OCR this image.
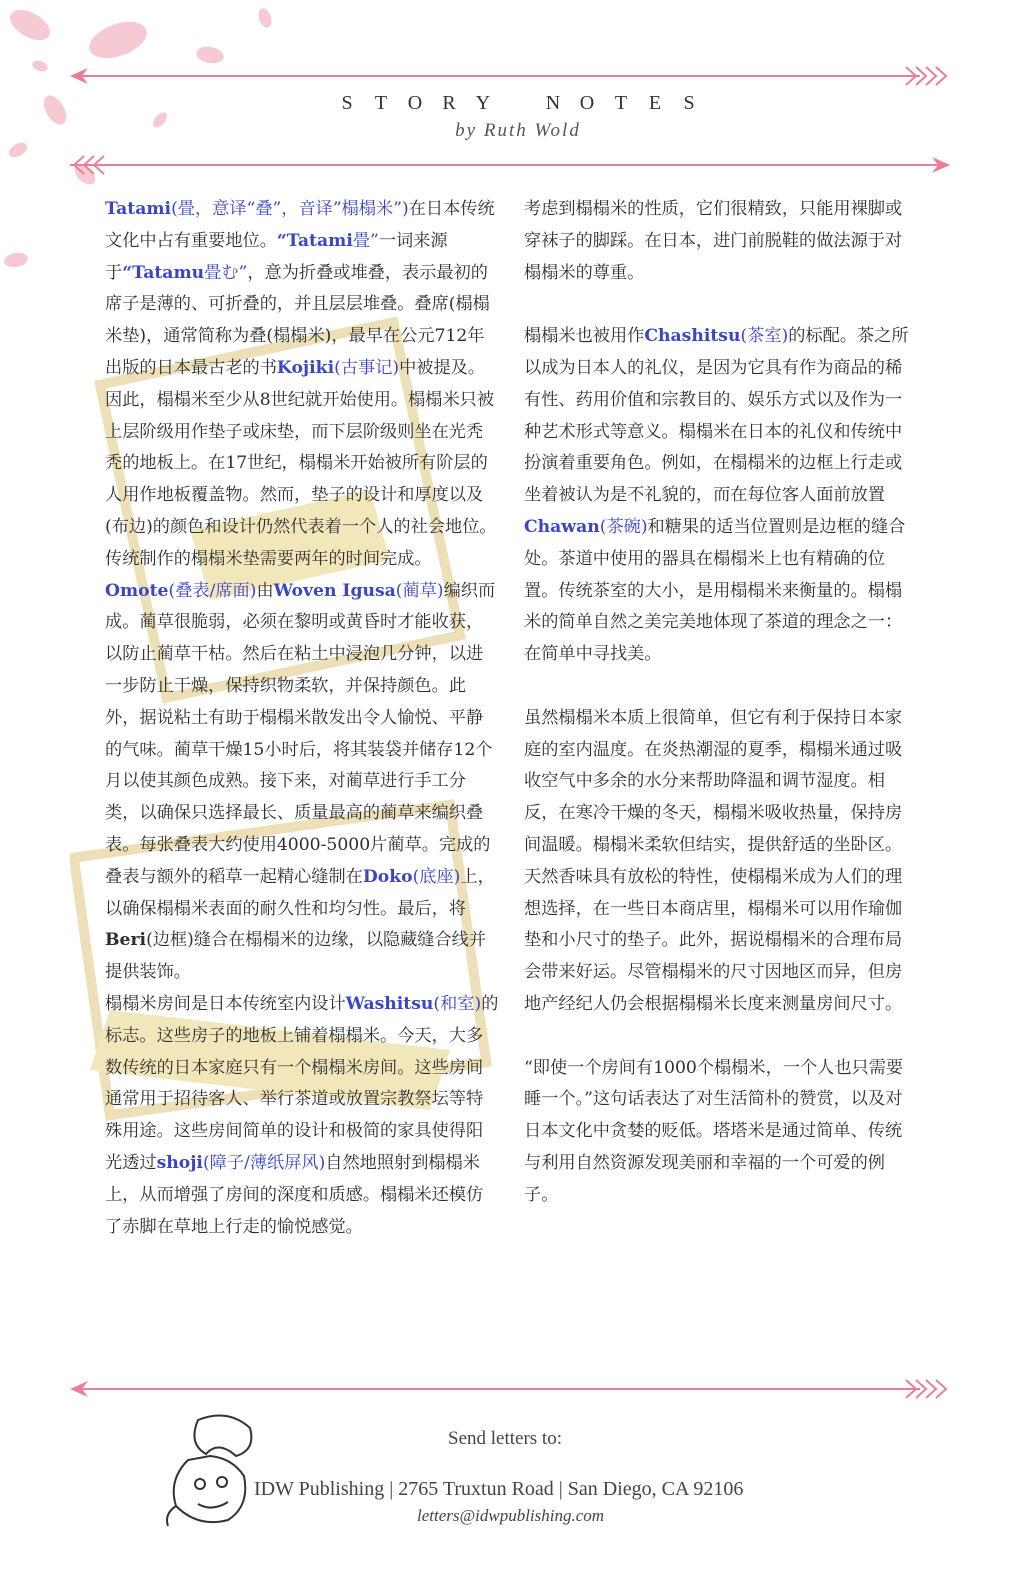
S T O R Y	N O T E S
by Ruth Wold

Tatami(畳，意译“叠”，音译”榻榻米”)在日本传统文化中占有重要地位。“Tatami畳”一词来源于“Tatamu畳む”，意为折叠或堆叠，表示最初的席子是薄的、可折叠的，并且层层堆叠。叠席(榻榻米垫)，通常简称为叠(榻榻米)，最早在公元712年出版的日本最古老的书Kojiki(古事记)中被提及。因此，榻榻米至少从8世纪就开始使用。榻榻米只被上层阶级用作垫子或床垫，而下层阶级则坐在光秃秃的地板上。在17世纪，榻榻米开始被所有阶层的人用作地板覆盖物。然而，垫子的设计和厚度以及(布边)的颜色和设计仍然代表着一个人的社会地位。

传统制作的榻榻米垫需要两年的时间完成。Omote(叠表/席面)由Woven Igusa(蔺草)编织而成。蔺草很脆弱，必须在黎明或黄昏时才能收获，以防止蔺草干枯。然后在粘土中浸泡几分钟，以进一步防止干燥，保持织物柔软，并保持颜色。此外，据说粘土有助于榻榻米散发出令人愉悦、平静的气味。蔺草干燥15小时后，将其装袋并储存12个月以使其颜色成熟。接下来，对蔺草进行手工分类，以确保只选择最长、质量最高的蔺草来编织叠表。每张叠表大约使用4000-5000片蔺草。完成的叠表与额外的稻草一起精心缝制在Doko(底座)上，以确保榻榻米表面的耐久性和均匀性。最后，将Beri(边框)缝合在榻榻米的边缘，以隐藏缝合线并提供装饰。

榻榻米房间是日本传统室内设计Washitsu(和室)的标志。这些房子的地板上铺着榻榻米。今天，大多数传统的日本家庭只有一个榻榻米房间。这些房间通常用于招待客人、举行茶道或放置宗教祭坛等特殊用途。这些房间简单的设计和极简的家具使得阳光透过shoji(障子/薄纸屏风)自然地照射到榻榻米上，从而增强了房间的深度和质感。榻榻米还模仿了赤脚在草地上行走的愉悦感觉。

考虑到榻榻米的性质，它们很精致，只能用裸脚或穿袜子的脚踩。在日本，进门前脱鞋的做法源于对榻榻米的尊重。

榻榻米也被用作Chashitsu(茶室)的标配。茶之所以成为日本人的礼仪，是因为它具有作为商品的稀有性、药用价值和宗教目的、娱乐方式以及作为一种艺术形式等意义。榻榻米在日本的礼仪和传统中扮演着重要角色。例如，在榻榻米的边框上行走或坐着被认为是不礼貌的，而在每位客人面前放置Chawan(茶碗)和糖果的适当位置则是边框的缝合处。茶道中使用的器具在榻榻米上也有精确的位置。传统茶室的大小，是用榻榻米来衡量的。榻榻米的简单自然之美完美地体现了茶道的理念之一：在简单中寻找美。

虽然榻榻米本质上很简单，但它有利于保持日本家庭的室内温度。在炎热潮湿的夏季，榻榻米通过吸收空气中多余的水分来帮助降温和调节湿度。相反，在寒冷干燥的冬天，榻榻米吸收热量，保持房间温暖。榻榻米柔软但结实，提供舒适的坐卧区。天然香味具有放松的特性，使榻榻米成为人们的理想选择，在一些日本商店里，榻榻米可以用作瑜伽垫和小尺寸的垫子。此外，据说榻榻米的合理布局会带来好运。尽管榻榻米的尺寸因地区而异，但房地产经纪人仍会根据榻榻米长度来测量房间尺寸。

“即使一个房间有1000个榻榻米，一个人也只需要睡一个。”这句话表达了对生活简朴的赞赏，以及对日本文化中贪婪的贬低。塔塔米是通过简单、传统与利用自然资源发现美丽和幸福的一个可爱的例子。

Send letters to:
IDW Publishing | 2765 Truxtun Road | San Diego, CA 92106
letters@idwpublishing.com
